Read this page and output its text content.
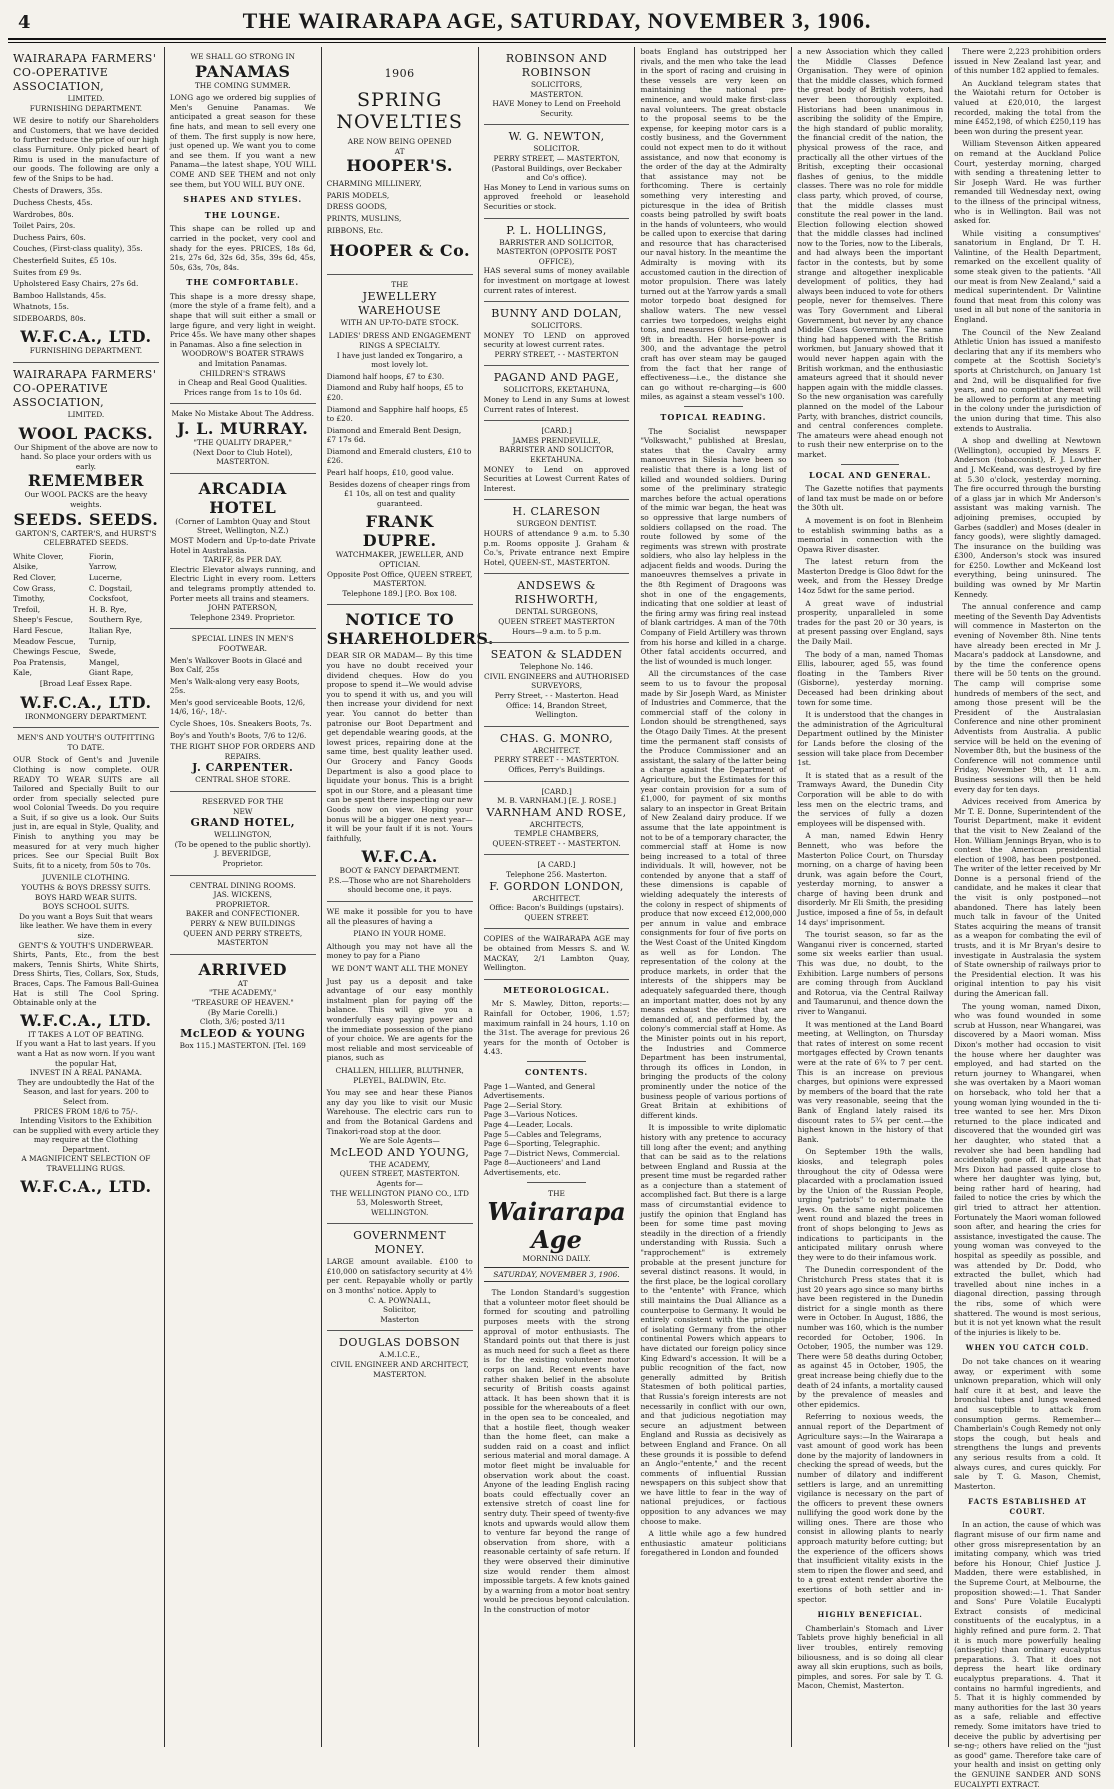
4	THE WAIRARAPA AGE, SATURDAY, NOVEMBER 3, 1906.
WAIRARAPA FARMERS' CO-OPERATIVE ASSOCIATION,
LIMITED.
FURNISHING DEPARTMENT.

WE desire to notify our Shareholders and Customers, that we have decided to further reduce the price of our high class Furniture. Only picked heart of Rimu is used in the manufacture of our goods. The following are only a few of the Snips to be had.

Chests of Drawers, 35s.

Duchess Chests, 45s.

Wardrobes, 80s.

Toilet Pairs, 20s.

Duchess Pairs, 60s.

Couches, (First-class quality), 35s.

Chesterfield Suites, £5 10s.

Suites from £9 9s.

Upholstered Easy Chairs, 27s 6d.

Bamboo Hallstands, 45s.

Whatnots, 15s.

SIDEBOARDS, 80s.

W.F.C.A., LTD.
FURNISHING DEPARTMENT.
WAIRARAPA FARMERS' CO-OPERATIVE ASSOCIATION,
LIMITED.
WOOL PACKS.

Our Shipment of the above are now to hand. So place your orders with us early.

REMEMBER

Our WOOL PACKS are the heavy weights.

SEEDS. SEEDS.

GARTON'S, CARTER'S, and HURST'S CELEBRATED SEEDS.

White Clover,

Alsike,

Red Clover,

Cow Grass,

Timothy,

Trefoil,

Sheep's Fescue,

Hard Fescue,

Meadow Fescue,

Chewings Fescue,

Poa Pratensis,

Kale,

Fiorin,

Yarrow,

Lucerne,

C. Dogstail,

Cocksfoot,

H. B. Rye,

Southern Rye,

Italian Rye,

Turnip,

Swede,

Mangel,

Giant Rape,

[Broad Leaf Essex Rape.

W.F.C.A., LTD.
IRONMONGERY DEPARTMENT.
MEN'S AND YOUTH'S OUTFITTING TO DATE.

OUR Stock of Gent's and Juvenile Clothing is now complete. OUR READY TO WEAR SUITS are all Tailored and Specially Built to our order from specially selected pure wool Colonial Tweeds. Do you require a Suit, if so give us a look. Our Suits just in, are equal in Style, Quality, and Finish to anything you may be measured for at very much higher prices. See our Special Built Box Suits, fit to a nicety, from 50s to 70s.

JUVENILE CLOTHING.
YOUTHS & BOYS DRESSY SUITS.
BOYS HARD WEAR SUITS.
BOYS SCHOOL SUITS.

Do you want a Boys Suit that wears like leather. We have them in every size.

GENT'S & YOUTH'S UNDERWEAR.

Shirts, Pants, Etc., from the best makers, Tennis Shirts, White Shirts, Dress Shirts, Ties, Collars, Sox, Studs, Braces, Caps. The Famous Ball-Guinea Hat is still The Cool Spring. Obtainable only at the

W.F.C.A., LTD.
IT TAKES A LOT OF BEATING.

If you want a Hat to last years. If you want a Hat as now worn. If you want the popular Hat,

INVEST IN A REAL PANAMA.

They are undoubtedly the Hat of the Season, and last for years. 200 to Select from.

PRICES FROM 18/6 to 75/-.

Intending Visitors to the Exhibition can be supplied with every article they may require at the Clothing Department.

A MAGNIFICENT SELECTION OF TRAVELLING RUGS.
W.F.C.A., LTD.
WE SHALL GO STRONG IN
PANAMAS
THE COMING SUMMER.

LONG ago we ordered big supplies of Men's Genuine Panamas. We anticipated a great season for these fine hats, and mean to sell every one of them. The first supply is now here, just opened up. We want you to come and see them. If you want a new Panama—the latest shape, YOU WILL COME AND SEE THEM and not only see them, but YOU WILL BUY ONE.

SHAPES AND STYLES.
THE LOUNGE.

This shape can be rolled up and carried in the pocket, very cool and shady for the eyes. PRICES, 18s 6d, 21s, 27s 6d, 32s 6d, 35s, 39s 6d, 45s, 50s, 63s, 70s, 84s.

THE COMFORTABLE.

This shape is a more dressy shape, (more the style of a frame felt), and a shape that will suit either a small or large figure, and very light in weight. Price 45s. We have many other shapes in Panamas. Also a fine selection in

WOODROW'S BOATER STRAWS
and Imitation Panamas.
CHILDREN'S STRAWS

in Cheap and Real Good Qualities. Prices range from 1s to 10s 6d.

Make No Mistake About The Address.
J. L. MURRAY.
"THE QUALITY DRAPER,"
(Next Door to Club Hotel),
MASTERTON.
ARCADIA HOTEL
(Corner of Lambton Quay and Stout Street, Wellington, N.Z.)

MOST Modern and Up-to-date Private Hotel in Australasia.

TARIFF, 8s PER DAY.

Electric Elevator always running, and Electric Light in every room. Letters and telegrams promptly attended to. Porter meets all trains and steamers.

JOHN PATERSON,
Telephone 2349. Proprietor.
SPECIAL LINES IN MEN'S FOOTWEAR.

Men's Walkover Boots in Glacé and Box Calf, 25s

Men's Walk-along very easy Boots, 25s.

Men's good serviceable Boots, 12/6, 14/6, 16/-, 18/-.

Cycle Shoes, 10s. Sneakers Boots, 7s.

Boy's and Youth's Boots, 7/6 to 12/6.

THE RIGHT SHOP FOR ORDERS AND REPAIRS.
J. CARPENTER.
CENTRAL SHOE STORE.
RESERVED FOR THE
NEW
GRAND HOTEL,
WELLINGTON,
(To be opened to the public shortly).
J. BEVERIDGE,
Proprietor.
CENTRAL DINING ROOMS.
JAS. WICKENS,
PROPRIETOR.
BAKER and CONFECTIONER.
PERRY & NEW BUILDINGS
QUEEN AND PERRY STREETS,
MASTERTON
ARRIVED
AT
"THE ACADEMY,"
"TREASURE OF HEAVEN."
(By Marie Corelli.)
Cloth, 3/6; posted 3/11
McLEOD & YOUNG
Box 115.] MASTERTON. [Tel. 169
1906
SPRING
NOVELTIES
ARE NOW BEING OPENED
AT
HOOPER'S.

CHARMING MILLINERY,

PARIS MODELS,

DRESS GOODS,

PRINTS, MUSLINS,

RIBBONS, Etc.

HOOPER & Co.
THE
JEWELLERY WAREHOUSE
WITH AN UP-TO-DATE STOCK.
LADIES' DRESS AND ENGAGEMENT RINGS A SPECIALTY.

I have just landed ex Tongariro, a most lovely lot.

Diamond half hoops, £7 to £30.

Diamond and Ruby half hoops, £5 to £20.

Diamond and Sapphire half hoops, £5 to £20.

Diamond and Emerald Bent Design, £7 17s 6d.

Diamond and Emerald clusters, £10 to £26.

Pearl half hoops, £10, good value.

Besides dozens of cheaper rings from £1 10s, all on test and quality guaranteed.

FRANK DUPRE.
WATCHMAKER, JEWELLER, AND OPTICIAN.
Opposite Post Office, QUEEN STREET, MASTERTON.
Telephone 189.] [P.O. Box 108.
NOTICE TO SHAREHOLDERS.

DEAR SIR OR MADAM— By this time you have no doubt received your dividend cheques. How do you propose to spend it—We would advise you to spend it with us, and you will then increase your dividend for next year. You cannot do better than patronise our Boot Department and get dependable wearing goods, at the lowest prices, repairing done at the same time, best quality leather used. Our Grocery and Fancy Goods Department is also a good place to liquidate your bonus. This is a bright spot in our Store, and a pleasant time can be spent there inspecting our new Goods now on view. Hoping your bonus will be a bigger one next year—it will be your fault if it is not. Yours faithfully,

W.F.C.A.
BOOT & FANCY DEPARTMENT.

P.S.—Those who are not Shareholders should become one, it pays.

WE make it possible for you to have all the pleasures of having a

PIANO IN YOUR HOME.

Although you may not have all the money to pay for a Piano

WE DON'T WANT ALL THE MONEY

Just pay us a deposit and take advantage of our easy monthly instalment plan for paying off the balance. This will give you a wonderfully easy paying power and the immediate possession of the piano of your choice. We are agents for the most reliable and most serviceable of pianos, such as

CHALLEN, HILLIER, BLUTHNER, PLEYEL, BALDWIN, Etc.

You may see and hear these Pianos any day you like to visit our Music Warehouse. The electric cars run to and from the Botanical Gardens and Tinakori-road stop at the door.

We are Sole Agents—
McLEOD AND YOUNG,
THE ACADEMY,
QUEEN STREET, MASTERTON.
Agents for—
THE WELLINGTON PIANO CO., LTD
53, Molesworth Street,
WELLINGTON.
GOVERNMENT MONEY.

LARGE amount available. £100 to £10,000 on satisfactory security at 4½ per cent. Repayable wholly or partly on 3 months' notice. Apply to

C. A. POWNALL,
Solicitor,
Masterton
DOUGLAS DOBSON
A.M.I.C.E.,
CIVIL ENGINEER AND ARCHITECT,
MASTERTON.
ROBINSON AND ROBINSON
SOLICITORS,
MASTERTON.

HAVE Money to Lend on Freehold Security.

W. G. NEWTON,
SOLICITOR.

PERRY STREET, — MASTERTON, (Pastoral Buildings, over Beckaber and Co's office).

Has Money to Lend in various sums on approved freehold or leasehold Securities or stock.

P. L. HOLLINGS,
BARRISTER AND SOLICITOR, MASTERTON (OPPOSITE POST OFFICE),

HAS several sums of money available for investment on mortgage at lowest current rates of interest.

BUNNY AND DOLAN,
SOLICITORS.

MONEY TO LEND on approved security at lowest current rates.

PERRY STREET, - - MASTERTON
PAGAND AND PAGE,
SOLICITORS, EKETAHUNA,

Money to Lend in any Sums at lowest Current rates of Interest.

[CARD.]
JAMES PRENDEVILLE,
BARRISTER AND SOLICITOR, EKETAHUNA.

MONEY to Lend on approved Securities at Lowest Current Rates of Interest.

H. CLARESON
SURGEON DENTIST.

HOURS of attendance 9 a.m. to 5.30 p.m. Rooms opposite J. Graham & Co.'s, Private entrance next Empire Hotel, QUEEN-ST., MASTERTON.

ANDSEWS & RISHWORTH,
DENTAL SURGEONS,
QUEEN STREET MASTERTON
Hours—9 a.m. to 5 p.m.
SEATON & SLADDEN
Telephone No. 146.
CIVIL ENGINEERS and AUTHORISED SURVEYORS,

Perry Street, - - Masterton. Head Office: 14, Brandon Street, Wellington.

CHAS. G. MONRO,
ARCHITECT.

PERRY STREET - - MASTERTON. Offices, Perry's Buildings.

[CARD.]
M. B. VARNHAM.] [E. J. ROSE.]
VARNHAM AND ROSE,
ARCHITECTS,
TEMPLE CHAMBERS,
QUEEN-STREET - - MASTERTON.
[A CARD.]
Telephone 256. Masterton.
F. GORDON LONDON,
ARCHITECT.

Office: Bacon's Buildings (upstairs). QUEEN STREET.

COPIES of the WAIRARAPA AGE may be obtained from Messrs S. and W. MACKAY, 2/1 Lambton Quay, Wellington.

METEOROLOGICAL.

Mr S. Mawley, Ditton, reports:—Rainfall for October, 1906, 1.57; maximum rainfall in 24 hours, 1.10 on the 31st. The average for previous 26 years for the month of October is 4.43.

CONTENTS.

Page 1—Wanted, and General Advertisements.

Page 2—Serial Story.

Page 3—Various Notices.

Page 4—Leader, Locals.

Page 5—Cables and Telegrams,

Page 6—Sporting, Telegraphic.

Page 7—District News, Commercial.

Page 8—Auctioneers' and Land Advertisements, etc.

THE
Wairarapa Age
MORNING DAILY.
SATURDAY, NOVEMBER 3, 1906.

The London Standard's suggestion that a volunteer motor fleet should be formed for scouting and patrolling purposes meets with the strong approval of motor enthusiasts. The Standard points out that there is just as much need for such a fleet as there is for the existing volunteer motor corps on land. Recent events have rather shaken belief in the absolute security of British coasts against attack. It has been shown that it is possible for the whereabouts of a fleet in the open sea to be concealed, and that a hostile fleet, though weaker than the home fleet, can make a sudden raid on a coast and inflict serious material and moral damage. A motor fleet might be invaluable for observation work about the coast. Anyone of the leading English racing boats could effectually cover an extensive stretch of coast line for sentry duty. Their speed of twenty-five knots and upwards would allow them to venture far beyond the range of observation from shore, with a reasonable certainty of safe return. If they were observed their diminutive size would render them almost impossible targets. A few knots gained by a warning from a motor boat sentry would be precious beyond calculation. In the construction of motor

boats England has outstripped her rivals, and the men who take the lead in the sport of racing and cruising in these vessels are very keen on maintaining the national pre-eminence, and would make first-class naval volunteers. The great obstacle to the proposal seems to be the expense, for keeping motor cars is a costly business, and the Government could not expect men to do it without assistance, and now that economy is the order of the day at the Admiralty that assistance may not be forthcoming. There is certainly something very interesting and picturesque in the idea of British coasts being patrolled by swift boats in the hands of volunteers, who would be called upon to exercise that daring and resource that has characterised our naval history. In the meantime the Admiralty is moving with its accustomed caution in the direction of motor propulsion. There was lately turned out at the Yarrow yards a small motor torpedo boat designed for shallow waters. The new vessel carries two torpedoes, weighs eight tons, and measures 60ft in length and 9ft in breadth. Her horse-power is 300, and the advantage the petrol craft has over steam may be gauged from the fact that her range of effectiveness—i.e., the distance she can go without re-charging—is 600 miles, as against a steam vessel's 100.

TOPICAL READING.

The Socialist newspaper "Volkswacht," published at Breslau, states that the Cavalry army manoeuvres in Silesia have been so realistic that there is a long list of killed and wounded soldiers. During some of the preliminary strategic marches before the actual operations of the mimic war began, the heat was so oppressive that large numbers of soldiers collapsed on the road. The route followed by some of the regiments was strewn with prostrate soldiers, who also lay helpless in the adjacent fields and woods. During the manoeuvres themselves a private in the 8th Regiment of Dragoons was shot in one of the engagements, indicating that one soldier at least of the firing army was firing real instead of blank cartridges. A man of the 70th Company of Field Artillery was thrown from his horse and killed in a charge. Other fatal accidents occurred, and the list of wounded is much longer.

All the circumstances of the case seem to us to favour the proposal made by Sir Joseph Ward, as Minister of Industries and Commerce, that the commercial staff of the colony in London should be strengthened, says the Otago Daily Times. At the present time the permanent staff consists of the Produce Commissioner and an assistant, the salary of the latter being a charge against the Department of Agriculture, but the Estimates for this year contain provision for a sum of £1,000, for payment of six months salary to an inspector in Great Britain of New Zealand dairy produce. If we assume that the late appointment is not to be of a temporary character, the commercial staff at Home is now being increased to a total of three individuals. It will, however, not be contended by anyone that a staff of these dimensions is capable of wielding adequately the interests of the colony in respect of shipments of produce that now exceed £12,000,000 per annum in value and embrace consignments for four of five ports on the West Coast of the United Kingdom as well as for London. The representation of the colony at the produce markets, in order that the interests of the shippers may be adequately safeguarded there, though an important matter, does not by any means exhaust the duties that are demanded of, and performed by, the colony's commercial staff at Home. As the Minister points out in his report, the Industries and Commerce Department has been instrumental, through its offices in London, in bringing the products of the colony prominently under the notice of the business people of various portions of Great Britain at exhibitions of different kinds.

It is impossible to write diplomatic history with any pretence to accuracy till long after the event; and anything that can be said as to the relations between England and Russia at the present time must be regarded rather as a conjecture than a statement of accomplished fact. But there is a large mass of circumstantial evidence to justify the opinion that England has been for some time past moving steadily in the direction of a friendly understanding with Russia. Such a "rapprochement" is extremely probable at the present juncture for several distinct reasons. It would, in the first place, be the logical corollary to the "entente" with France, which still maintains the Dual Alliance as a counterpoise to Germany. It would be entirely consistent with the principle of isolating Germany from the other continental Powers which appears to have dictated our foreign policy since King Edward's accession. It will be a public recognition of the fact, now generally admitted by British Statesmen of both political parties, that Russia's foreign interests are not necessarily in conflict with our own, and that judicious negotiation may secure an adjustment between England and Russia as decisively as between England and France. On all these grounds it is possible to defend an Anglo-"entente," and the recent comments of influential Russian newspapers on this subject show that we have little to fear in the way of national prejudices, or factious opposition to any advances we may choose to make.

A little while ago a few hundred enthusiastic amateur politicians foregathered in London and founded

a new Association which they called the Middle Classes Defence Organisation. They were of opinion that the middle classes, which formed the great body of British voters, had never been thoroughly exploited. Historians had been unanimous in ascribing the solidity of the Empire, the high standard of public morality, the financial credit of the nation, the physical prowess of the race, and practically all the other virtues of the British, excepting their occasional flashes of genius, to the middle classes. There was no role for middle class party, which proved, of course, that the middle classes must constitute the real power in the land. Election following election showed that the middle classes had inclined now to the Tories, now to the Liberals, and had always been the important factor in the contests, but by some strange and altogether inexplicable development of politics, they had always been induced to vote for others people, never for themselves. There was Tory Government and Liberal Government, but never by any chance Middle Class Government. The same thing had happened with the British workmen, but January showed that it would never happen again with the British workman, and the enthusiastic amateurs agreed that it should never happen again with the middle classes. So the new organisation was carefully planned on the model of the Labour Party, with branches, district councils, and central conferences complete. The amateurs were ahead enough not to rush their new enterprise on to the market.

LOCAL AND GENERAL.

The Gazette notifies that payments of land tax must be made on or before the 30th ult.

A movement is on foot in Blenheim to establish swimming baths as a memorial in connection with the Opawa River disaster.

The latest return from the Masterton Dredge is Gloo 8dwt for the week, and from the Hessey Dredge 14oz 5dwt for the same period.

A great wave of industrial prosperity, unparalleled in some trades for the past 20 or 30 years, is at present passing over England, says the Daily Mail.

The body of a man, named Thomas Ellis, labourer, aged 55, was found floating in the Tambers River (Gisborne), yesterday morning. Deceased had been drinking about town for some time.

It is understood that the changes in the administration of the Agricultural Department outlined by the Minister for Lands before the closing of the session will take place from December 1st.

It is stated that as a result of the Tramways Award, the Dunedin City Corporation will be able to do with less men on the electric trams, and the services of fully a dozen employees will be dispensed with.

A man, named Edwin Henry Bennett, who was before the Masterton Police Court, on Thursday morning, on a charge of having been drunk, was again before the Court, yesterday morning, to answer a charge of having been drunk and disorderly. Mr Eli Smith, the presiding Justice, imposed a fine of 5s, in default 14 days' imprisonment.

The tourist season, so far as the Wanganui river is concerned, started some six weeks earlier than usual. This was due, no doubt, to the Exhibition. Large numbers of persons are coming through from Auckland and Rotorua, via the Central Railway and Taumarunui, and thence down the river to Wanganui.

It was mentioned at the Land Board meeting, at Wellington, on Thursday that rates of interest on some recent mortgages effected by Crown tenants were at the rate of 6¾ to 7 per cent. This is an increase on previous charges, but opinions were expressed by members of the board that the rate was very reasonable, seeing that the Bank of England lately raised its discount rates to 5¾ per cent.—the highest known in the history of that Bank.

On September 19th the walls, kiosks, and telegraph poles throughout the city of Odessa were placarded with a proclamation issued by the Union of the Russian People, urging "patriots" to exterminate the Jews. On the same night policemen went round and blazed the trees in front of shops belonging to Jews as indications to participants in the anticipated military onrush where they were to do their infamous work.

The Dunedin correspondent of the Christchurch Press states that it is just 20 years ago since so many births have been registered in the Dunedin district for a single month as there were in October. In August, 1886, the number was 160, which is the number recorded for October, 1906. In October, 1905, the number was 129. There were 58 deaths during October, as against 45 in October, 1905, the great increase being chiefly due to the death of 24 infants, a mortality caused by the prevalence of measles and other epidemics.

Referring to noxious weeds, the annual report of the Department of Agriculture says:—In the Wairarapa a vast amount of good work has been done by the majority of landowners in checking the spread of weeds, but the number of dilatory and indifferent settlers is large, and an unremitting vigilance is necessary on the part of the officers to prevent these owners nullifying the good work done by the willing ones. There are those who consist in allowing plants to nearly approach maturity before cutting; but the experience of the officers shows that insufficient vitality exists in the stem to ripen the flower and seed, and to a great extent render abortive the exertions of both settler and in-spector.

HIGHLY BENEFICIAL.

Chamberlain's Stomach and Liver Tablets prove highly beneficial in all liver troubles, entirely removing biliousness, and is so doing all clear away all skin eruptions, such as boils, pimples, and sores. For sale by T. G. Macon, Chemist, Masterton.

There were 2,223 prohibition orders issued in New Zealand last year, and of this number 182 applied to females.

An Auckland telegram states that the Waiotahi return for October is valued at £20,010, the largest recorded, making the total from the mine £452,198, of which £250,119 has been won during the present year.

William Stevenson Aitken appeared on remand at the Auckland Police Court, yesterday morning, charged with sending a threatening letter to Sir Joseph Ward. He was further remanded till Wednesday next, owing to the illness of the principal witness, who is in Wellington. Bail was not asked for.

While visiting a consumptives' sanatorium in England, Dr T. H. Valintine, of the Health Department, remarked on the excellent quality of some steak given to the patients. "All our meat is from New Zealand," said a medical superintendent. Dr Valintine found that meat from this colony was used in all but none of the sanitoria in England.

The Council of the New Zealand Athletic Union has issued a manifesto declaring that any if its members who compete at the Scottish Society's sports at Christchurch, on January 1st and 2nd, will be disqualified for five years, and no competitor thereat will be allowed to perform at any meeting in the colony under the jurisdiction of the union during that time. This also extends to Australia.

A shop and dwelling at Newtown (Wellington), occupied by Messrs F. Anderson (tobacconist), F. J. Lowther and J. McKeand, was destroyed by fire at 5.30 o'clock, yesterday morning. The fire occurred through the bursting of a glass jar in which Mr Anderson's assistant was making varnish. The adjoining premises, occupied by Garbes (saddler) and Moses (dealer in fancy goods), were slightly damaged. The insurance on the building was £300, Anderson's stock was insured for £250. Lowther and McKeand lost everything, being uninsured. The building was owned by Mr Martin Kennedy.

The annual conference and camp meeting of the Seventh Day Adventists will commence in Masterton on the evening of November 8th. Nine tents have already been erected in Mr J. Macara's paddock at Lansdowne, and by the time the conference opens there will be 50 tents on the ground. The camp will comprise some hundreds of members of the sect, and among those present will be the President of the Australasian Conference and nine other prominent Adventists from Australia. A public service will be held on the evening of November 8th, but the business of the Conference will not commence until Friday, November 9th, at 11 a.m. Business sessions will then be held every day for ten days.

Advices received from America by Mr T. E. Donne, Superintendent of the Tourist Department, make it evident that the visit to New Zealand of the Hon. William Jennings Bryan, who is to contest the American presidential election of 1908, has been postponed. The writer of the letter received by Mr Donne is a personal friend of the candidate, and he makes it clear that the visit is only postponed—not abandoned. There has lately been much talk in favour of the United States acquiring the means of transit as a weapon for combating the evil of trusts, and it is Mr Bryan's desire to investigate in Australasia the system of State ownership of railways prior to the Presidential election. It was his original intention to pay his visit during the American fall.

The young woman, named Dixon, who was found wounded in some scrub at Husson, near Whangarei, was discovered by a Maori woman. Miss Dixon's mother had occasion to visit the house where her daughter was employed, and had started on the return journey to Whangarei, when she was overtaken by a Maori woman on horseback, who told her that a young woman lying wounded in the ti-tree wanted to see her. Mrs Dixon returned to the place indicated and discovered that the wounded girl was her daughter, who stated that a revolver she had been handling had accidentally gone off. It appears that Mrs Dixon had passed quite close to where her daughter was lying, but, being rather hard of hearing, had failed to notice the cries by which the girl tried to attract her attention. Fortunately the Maori woman followed soon after, and hearing the cries for assistance, investigated the cause. The young woman was conveyed to the hospital as speedily as possible, and was attended by Dr. Dodd, who extracted the bullet, which had travelled about nine inches in a diagonal direction, passing through the ribs, some of which were shattered. The wound is most serious, but it is not yet known what the result of the injuries is likely to be.

WHEN YOU CATCH COLD.

Do not take chances on it wearing away, or experiment with some unknown preparation, which will only half cure it at best, and leave the bronchial tubes and lungs weakened and susceptible to attack from consumption germs. Remember—Chamberlain's Cough Remedy not only stops the cough, but heals and strengthens the lungs and prevents any serious results from a cold. It always cures, and cures quickly. For sale by T. G. Mason, Chemist, Masterton.

FACTS ESTABLISHED AT COURT.

In an action, the cause of which was flagrant misuse of our firm name and other gross misrepresentation by an imitating company, which was tried before his Honour, Chief Justice J. Madden, there were established, in the Supreme Court, at Melbourne, the proposition showed:—1. That Sander and Sons' Pure Volatile Eucalypti Extract consists of medicinal constituents of the eucalyptus, in a highly refined and pure form. 2. That it is much more powerfully healing (antiseptic) than ordinary eucalyptus preparations. 3. That it does not depress the heart like ordinary eucalyptus preparations. 4. That it contains no harmful ingredients, and 5. That it is highly commended by many authorities for the last 30 years as a safe, reliable and effective remedy. Some imitators have tried to deceive the public by advertising per se-ng-; others have relied on the "just as good" game. Therefore take care of your health and insist on getting only the GENUINE SANDER AND SONS EUCALYPTI EXTRACT.
